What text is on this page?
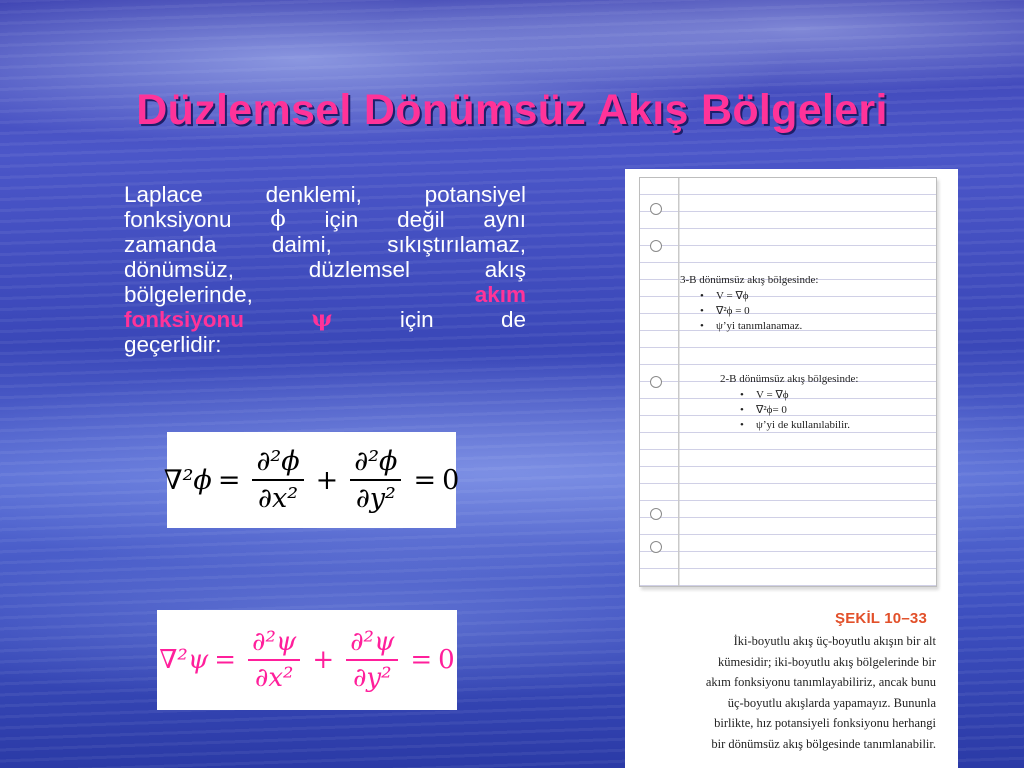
Düzlemsel Dönümsüz Akış Bölgeleri
Laplace	denklemi,	potansiyel
fonksiyonu ϕ için değil aynı
zamanda daimi, sıkıştırılamaz,
dönümsüz,	düzlemsel	akış
bölgelerinde,	akım
fonksiyonu	ψ	için	de
geçerlidir:
$\nabla^2\phi = \frac{\text{∂²ϕ}}{\text{∂x²}} + \frac{\text{∂²ϕ}}{\text{∂y²}} = 0$
$\nabla^2\psi = \frac{\text{∂²ψ}}{\text{∂x²}} + \frac{\text{∂²ψ}}{\text{∂y²}} = 0$
3-B dönümsüz akış bölgesinde:
• V = ∇ϕ
• ∇²ϕ = 0
• ψ’yi tanımlanamaz.
2-B dönümsüz akış bölgesinde:
• V = ∇ϕ
• ∇²ϕ= 0
• ψ’yi de kullanılabilir.
ŞEKİL 10–33
İki-boyutlu akış üç-boyutlu akışın bir alt
kümesidir; iki-boyutlu akış bölgelerinde bir
akım fonksiyonu tanımlayabiliriz, ancak bunu
üç-boyutlu akışlarda yapamayız. Bununla
birlikte, hız potansiyeli fonksiyonu herhangi
bir dönümsüz akış bölgesinde tanımlanabilir.
